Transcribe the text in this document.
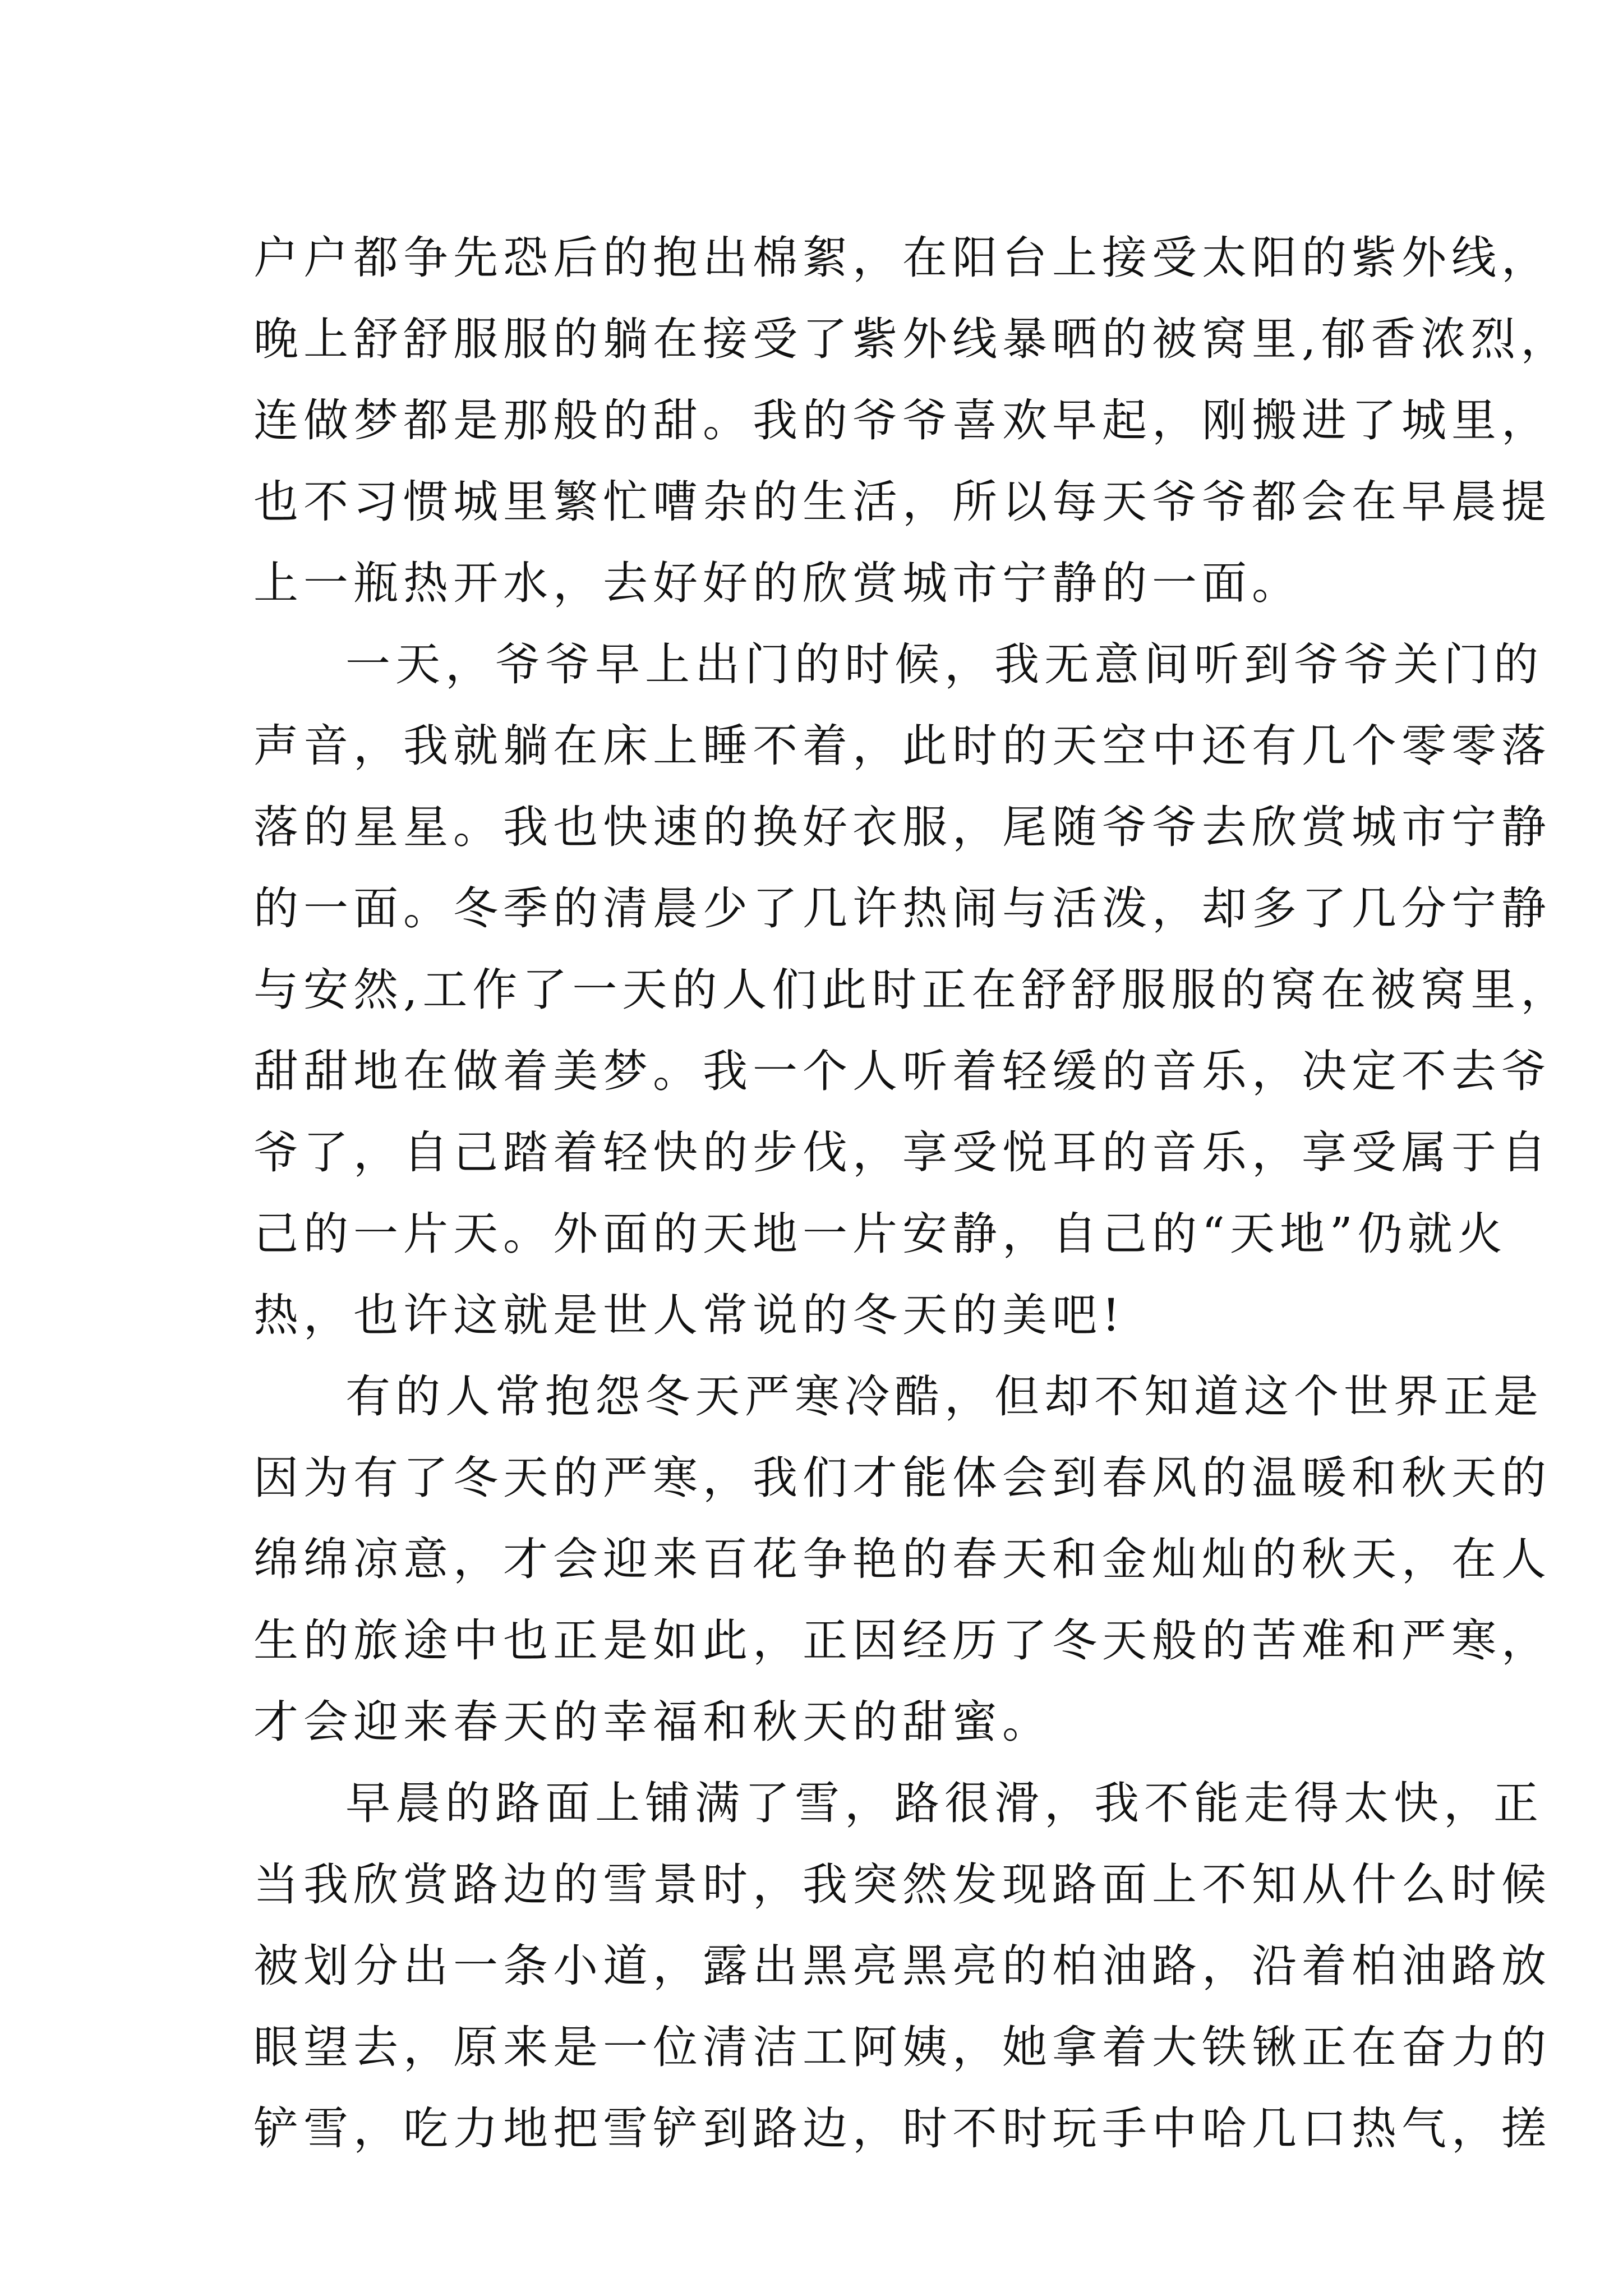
户户都争先恐后的抱出棉絮，在阳台上接受太阳的紫外线，

晚上舒舒服服的躺在接受了紫外线暴晒的被窝里,郁香浓烈，

连做梦都是那般的甜。我的爷爷喜欢早起，刚搬进了城里，

也不习惯城里繁忙嘈杂的生活，所以每天爷爷都会在早晨提

上一瓶热开水，去好好的欣赏城市宁静的一面。

一天，爷爷早上出门的时候，我无意间听到爷爷关门的

声音，我就躺在床上睡不着，此时的天空中还有几个零零落

落的星星。我也快速的换好衣服，尾随爷爷去欣赏城市宁静

的一面。冬季的清晨少了几许热闹与活泼，却多了几分宁静

与安然,工作了一天的人们此时正在舒舒服服的窝在被窝里，

甜甜地在做着美梦。我一个人听着轻缓的音乐，决定不去爷

爷了，自己踏着轻快的步伐，享受悦耳的音乐，享受属于自

己的一片天。外面的天地一片安静，自己的“天地”仍就火

热，也许这就是世人常说的冬天的美吧!

有的人常抱怨冬天严寒冷酷，但却不知道这个世界正是

因为有了冬天的严寒，我们才能体会到春风的温暖和秋天的

绵绵凉意，才会迎来百花争艳的春天和金灿灿的秋天，在人

生的旅途中也正是如此，正因经历了冬天般的苦难和严寒，

才会迎来春天的幸福和秋天的甜蜜。

早晨的路面上铺满了雪，路很滑，我不能走得太快，正

当我欣赏路边的雪景时，我突然发现路面上不知从什么时候

被划分出一条小道，露出黑亮黑亮的柏油路，沿着柏油路放

眼望去，原来是一位清洁工阿姨，她拿着大铁锹正在奋力的

铲雪，吃力地把雪铲到路边，时不时玩手中哈几口热气，搓
